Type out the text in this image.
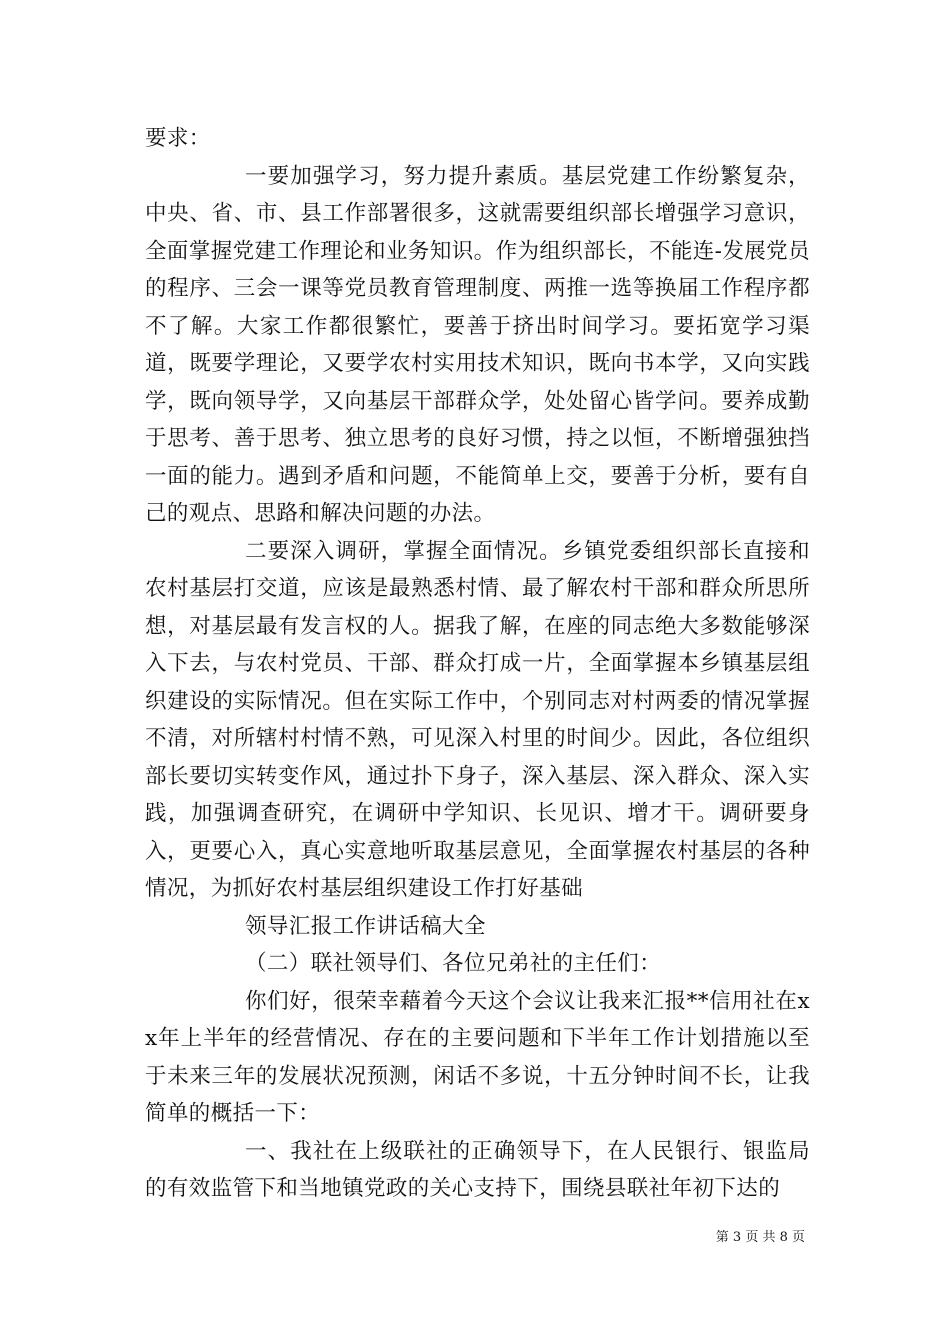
要求：

一要加强学习，努力提升素质。基层党建工作纷繁复杂，中央、省、市、县工作部署很多，这就需要组织部长增强学习意识，全面掌握党建工作理论和业务知识。作为组织部长，不能连-发展党员的程序、三会一课等党员教育管理制度、两推一选等换届工作程序都不了解。大家工作都很繁忙，要善于挤出时间学习。要拓宽学习渠道，既要学理论，又要学农村实用技术知识，既向书本学，又向实践学，既向领导学，又向基层干部群众学，处处留心皆学问。要养成勤于思考、善于思考、独立思考的良好习惯，持之以恒，不断增强独挡一面的能力。遇到矛盾和问题，不能简单上交，要善于分析，要有自己的观点、思路和解决问题的办法。

二要深入调研，掌握全面情况。乡镇党委组织部长直接和农村基层打交道，应该是最熟悉村情、最了解农村干部和群众所思所想，对基层最有发言权的人。据我了解，在座的同志绝大多数能够深入下去，与农村党员、干部、群众打成一片，全面掌握本乡镇基层组织建设的实际情况。但在实际工作中，个别同志对村两委的情况掌握不清，对所辖村村情不熟，可见深入村里的时间少。因此，各位组织部长要切实转变作风，通过扑下身子，深入基层、深入群众、深入实践，加强调查研究，在调研中学知识、长见识、增才干。调研要身入，更要心入，真心实意地听取基层意见，全面掌握农村基层的各种情况，为抓好农村基层组织建设工作打好基础

领导汇报工作讲话稿大全

（二）联社领导们、各位兄弟社的主任们：

你们好，很荣幸藉着今天这个会议让我来汇报**信用社在xx年上半年的经营情况、存在的主要问题和下半年工作计划措施以至于未来三年的发展状况预测，闲话不多说，十五分钟时间不长，让我简单的概括一下：

一、我社在上级联社的正确领导下，在人民银行、银监局的有效监管下和当地镇党政的关心支持下，围绕县联社年初下达的

第 3 页 共 8 页
